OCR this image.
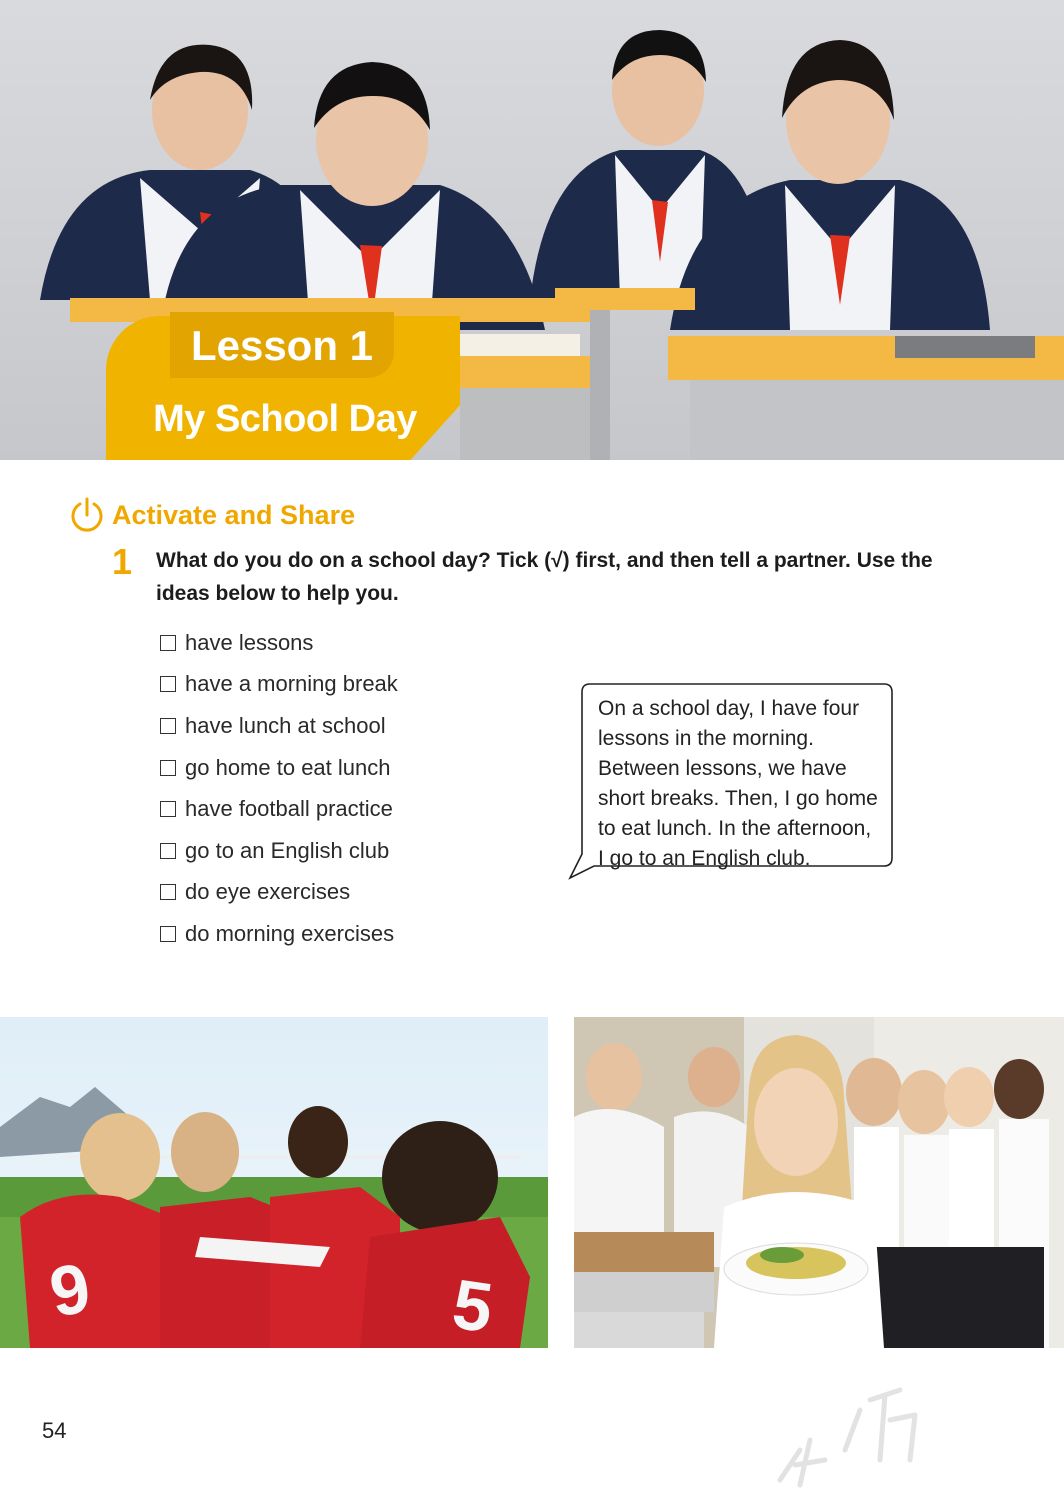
Lesson 1
My School Day
Activate and Share
1 What do you do on a school day? Tick (√) first, and then tell a partner. Use the ideas below to help you.
have lessons
have a morning break
have lunch at school
go home to eat lunch
have football practice
go to an English club
do eye exercises
do morning exercises
On a school day, I have four lessons in the morning. Between lessons, we have short breaks. Then, I go home to eat lunch. In the afternoon, I go to an English club.
9	5
54
